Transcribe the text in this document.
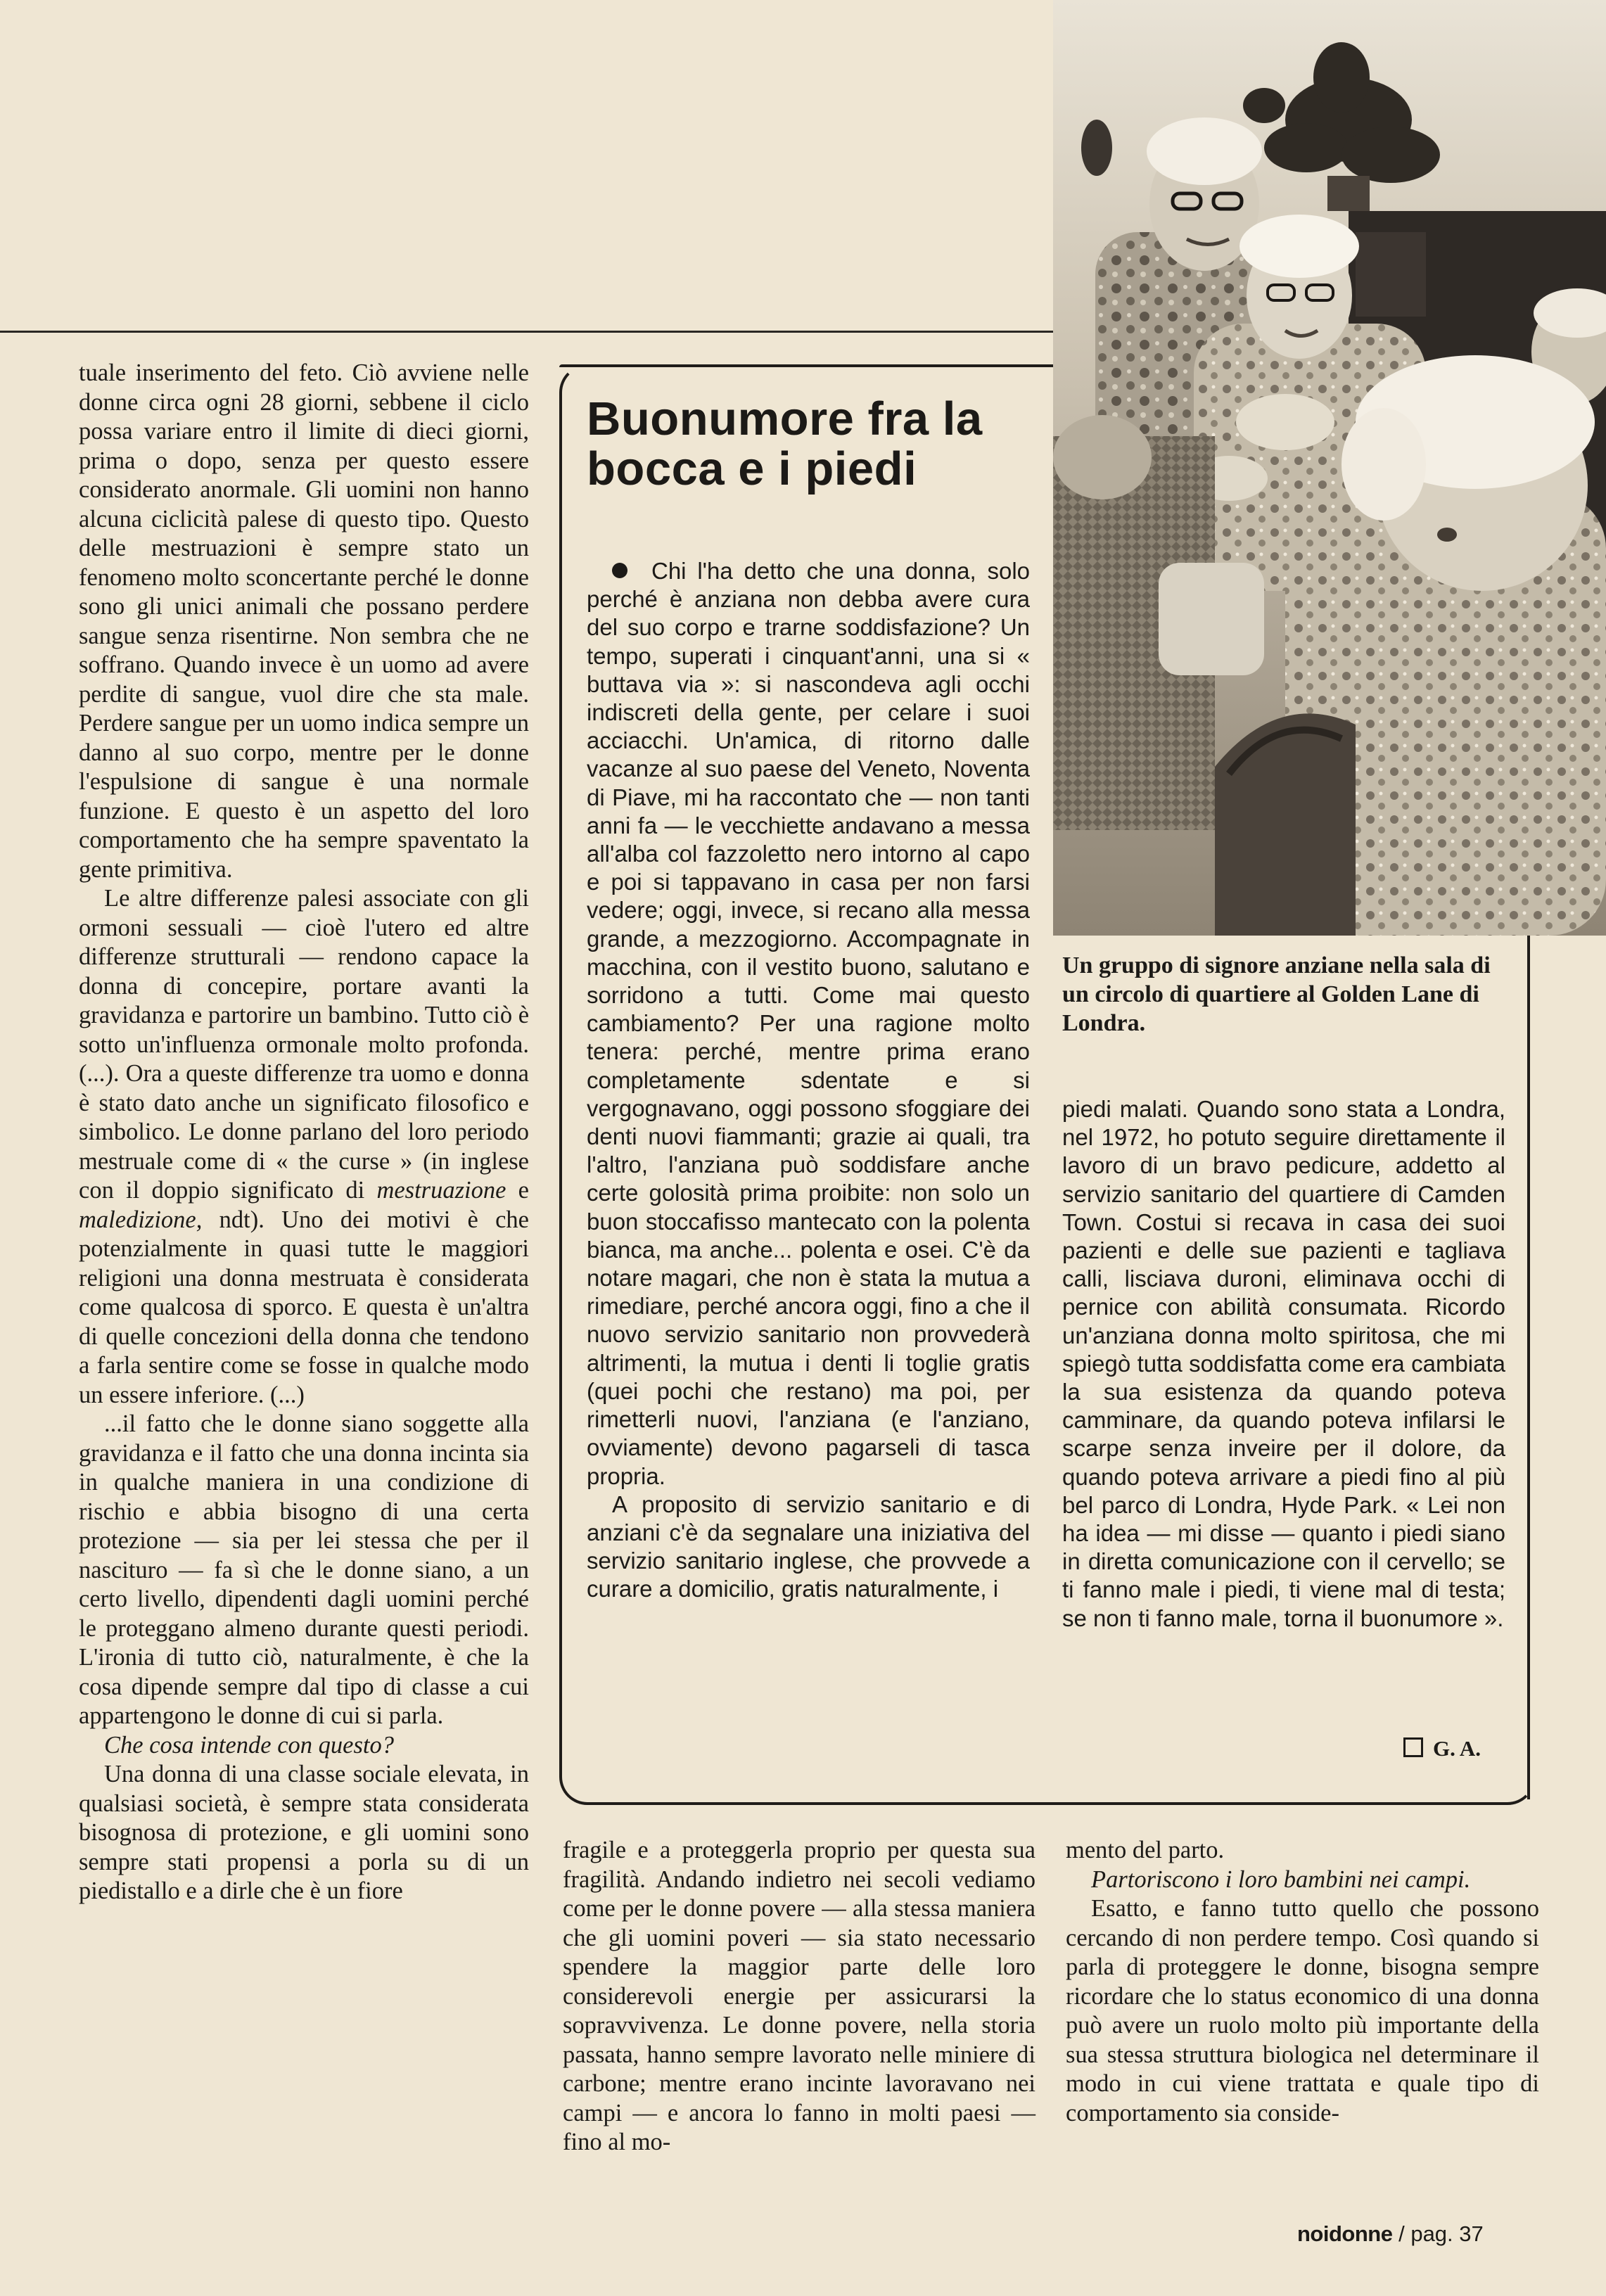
tuale inserimento del feto. Ciò avviene nelle donne circa ogni 28 giorni, sebbene il ciclo possa variare entro il limite di dieci giorni, prima o dopo, senza per questo essere considerato anormale. Gli uomini non hanno alcuna ciclicità palese di questo tipo. Questo delle mestruazioni è sempre stato un fenomeno molto sconcertante perché le donne sono gli unici animali che possano perdere sangue senza risentirne. Non sembra che ne soffrano. Quando invece è un uomo ad avere perdite di sangue, vuol dire che sta male. Perdere sangue per un uomo indica sempre un danno al suo corpo, mentre per le donne l'espulsione di sangue è una normale funzione. E questo è un aspetto del loro comportamento che ha sempre spaventato la gente primitiva.

Le altre differenze palesi associate con gli ormoni sessuali — cioè l'utero ed altre differenze strutturali — rendono capace la donna di concepire, portare avanti la gravidanza e partorire un bambino. Tutto ciò è sotto un'influenza ormonale molto profonda. (...). Ora a queste differenze tra uomo e donna è stato dato anche un significato filosofico e simbolico. Le donne parlano del loro periodo mestruale come di « the curse » (in inglese con il doppio significato di mestruazione e maledizione, ndt). Uno dei motivi è che potenzialmente in quasi tutte le maggiori religioni una donna mestruata è considerata come qualcosa di sporco. E questa è un'altra di quelle concezioni della donna che tendono a farla sentire come se fosse in qualche modo un essere inferiore. (...)

...il fatto che le donne siano soggette alla gravidanza e il fatto che una donna incinta sia in qualche maniera in una condizione di rischio e abbia bisogno di una certa protezione — sia per lei stessa che per il nascituro — fa sì che le donne siano, a un certo livello, dipendenti dagli uomini perché le proteggano almeno durante questi periodi. L'ironia di tutto ciò, naturalmente, è che la cosa dipende sempre dal tipo di classe a cui appartengono le donne di cui si parla.

Che cosa intende con questo?

Una donna di una classe sociale elevata, in qualsiasi società, è sempre stata considerata bisognosa di protezione, e gli uomini sono sempre stati propensi a porla su di un piedistallo e a dirle che è un fiore

Buonumore fra la bocca e i piedi

Chi l'ha detto che una donna, solo perché è anziana non debba avere cura del suo corpo e trarne soddisfazione? Un tempo, superati i cinquant'anni, una si « buttava via »: si nascondeva agli occhi indiscreti della gente, per celare i suoi acciacchi. Un'amica, di ritorno dalle vacanze al suo paese del Veneto, Noventa di Piave, mi ha raccontato che — non tanti anni fa — le vecchiette andavano a messa all'alba col fazzoletto nero intorno al capo e poi si tappavano in casa per non farsi vedere; oggi, invece, si recano alla messa grande, a mezzogiorno. Accompagnate in macchina, con il vestito buono, salutano e sorridono a tutti. Come mai questo cambiamento? Per una ragione molto tenera: perché, mentre prima erano completamente sdentate e si vergognavano, oggi possono sfoggiare dei denti nuovi fiammanti; grazie ai quali, tra l'altro, l'anziana può soddisfare anche certe golosità prima proibite: non solo un buon stoccafisso mantecato con la polenta bianca, ma anche... polenta e osei. C'è da notare magari, che non è stata la mutua a rimediare, perché ancora oggi, fino a che il nuovo servizio sanitario non provvederà altrimenti, la mutua i denti li toglie gratis (quei pochi che restano) ma poi, per rimetterli nuovi, l'anziana (e l'anziano, ovviamente) devono pagarseli di tasca propria.

A proposito di servizio sanitario e di anziani c'è da segnalare una iniziativa del servizio sanitario inglese, che provvede a curare a domicilio, gratis naturalmente, i

Un gruppo di signore anziane nella sala di un circolo di quartiere al Golden Lane di Londra.

piedi malati. Quando sono stata a Londra, nel 1972, ho potuto seguire direttamente il lavoro di un bravo pedicure, addetto al servizio sanitario del quartiere di Camden Town. Costui si recava in casa dei suoi pazienti e delle sue pazienti e tagliava calli, lisciava duroni, eliminava occhi di pernice con abilità consumata. Ricordo un'anziana donna molto spiritosa, che mi spiegò tutta soddisfatta come era cambiata la sua esistenza da quando poteva camminare, da quando poteva infilarsi le scarpe senza inveire per il dolore, da quando poteva arrivare a piedi fino al più bel parco di Londra, Hyde Park. « Lei non ha idea — mi disse — quanto i piedi siano in diretta comunicazione con il cervello; se ti fanno male i piedi, ti viene mal di testa; se non ti fanno male, torna il buonumore ».

G. A.

fragile e a proteggerla proprio per questa sua fragilità. Andando indietro nei secoli vediamo come per le donne povere — alla stessa maniera che gli uomini poveri — sia stato necessario spendere la maggior parte delle loro considerevoli energie per assicurarsi la sopravvivenza. Le donne povere, nella storia passata, hanno sempre lavorato nelle miniere di carbone; mentre erano incinte lavoravano nei campi — e ancora lo fanno in molti paesi — fino al mo-

mento del parto.

Partoriscono i loro bambini nei campi.

Esatto, e fanno tutto quello che possono cercando di non perdere tempo. Così quando si parla di proteggere le donne, bisogna sempre ricordare che lo status economico di una donna può avere un ruolo molto più importante della sua stessa struttura biologica nel determinare il modo in cui viene trattata e quale tipo di comportamento sia conside-

noidonne / pag. 37
